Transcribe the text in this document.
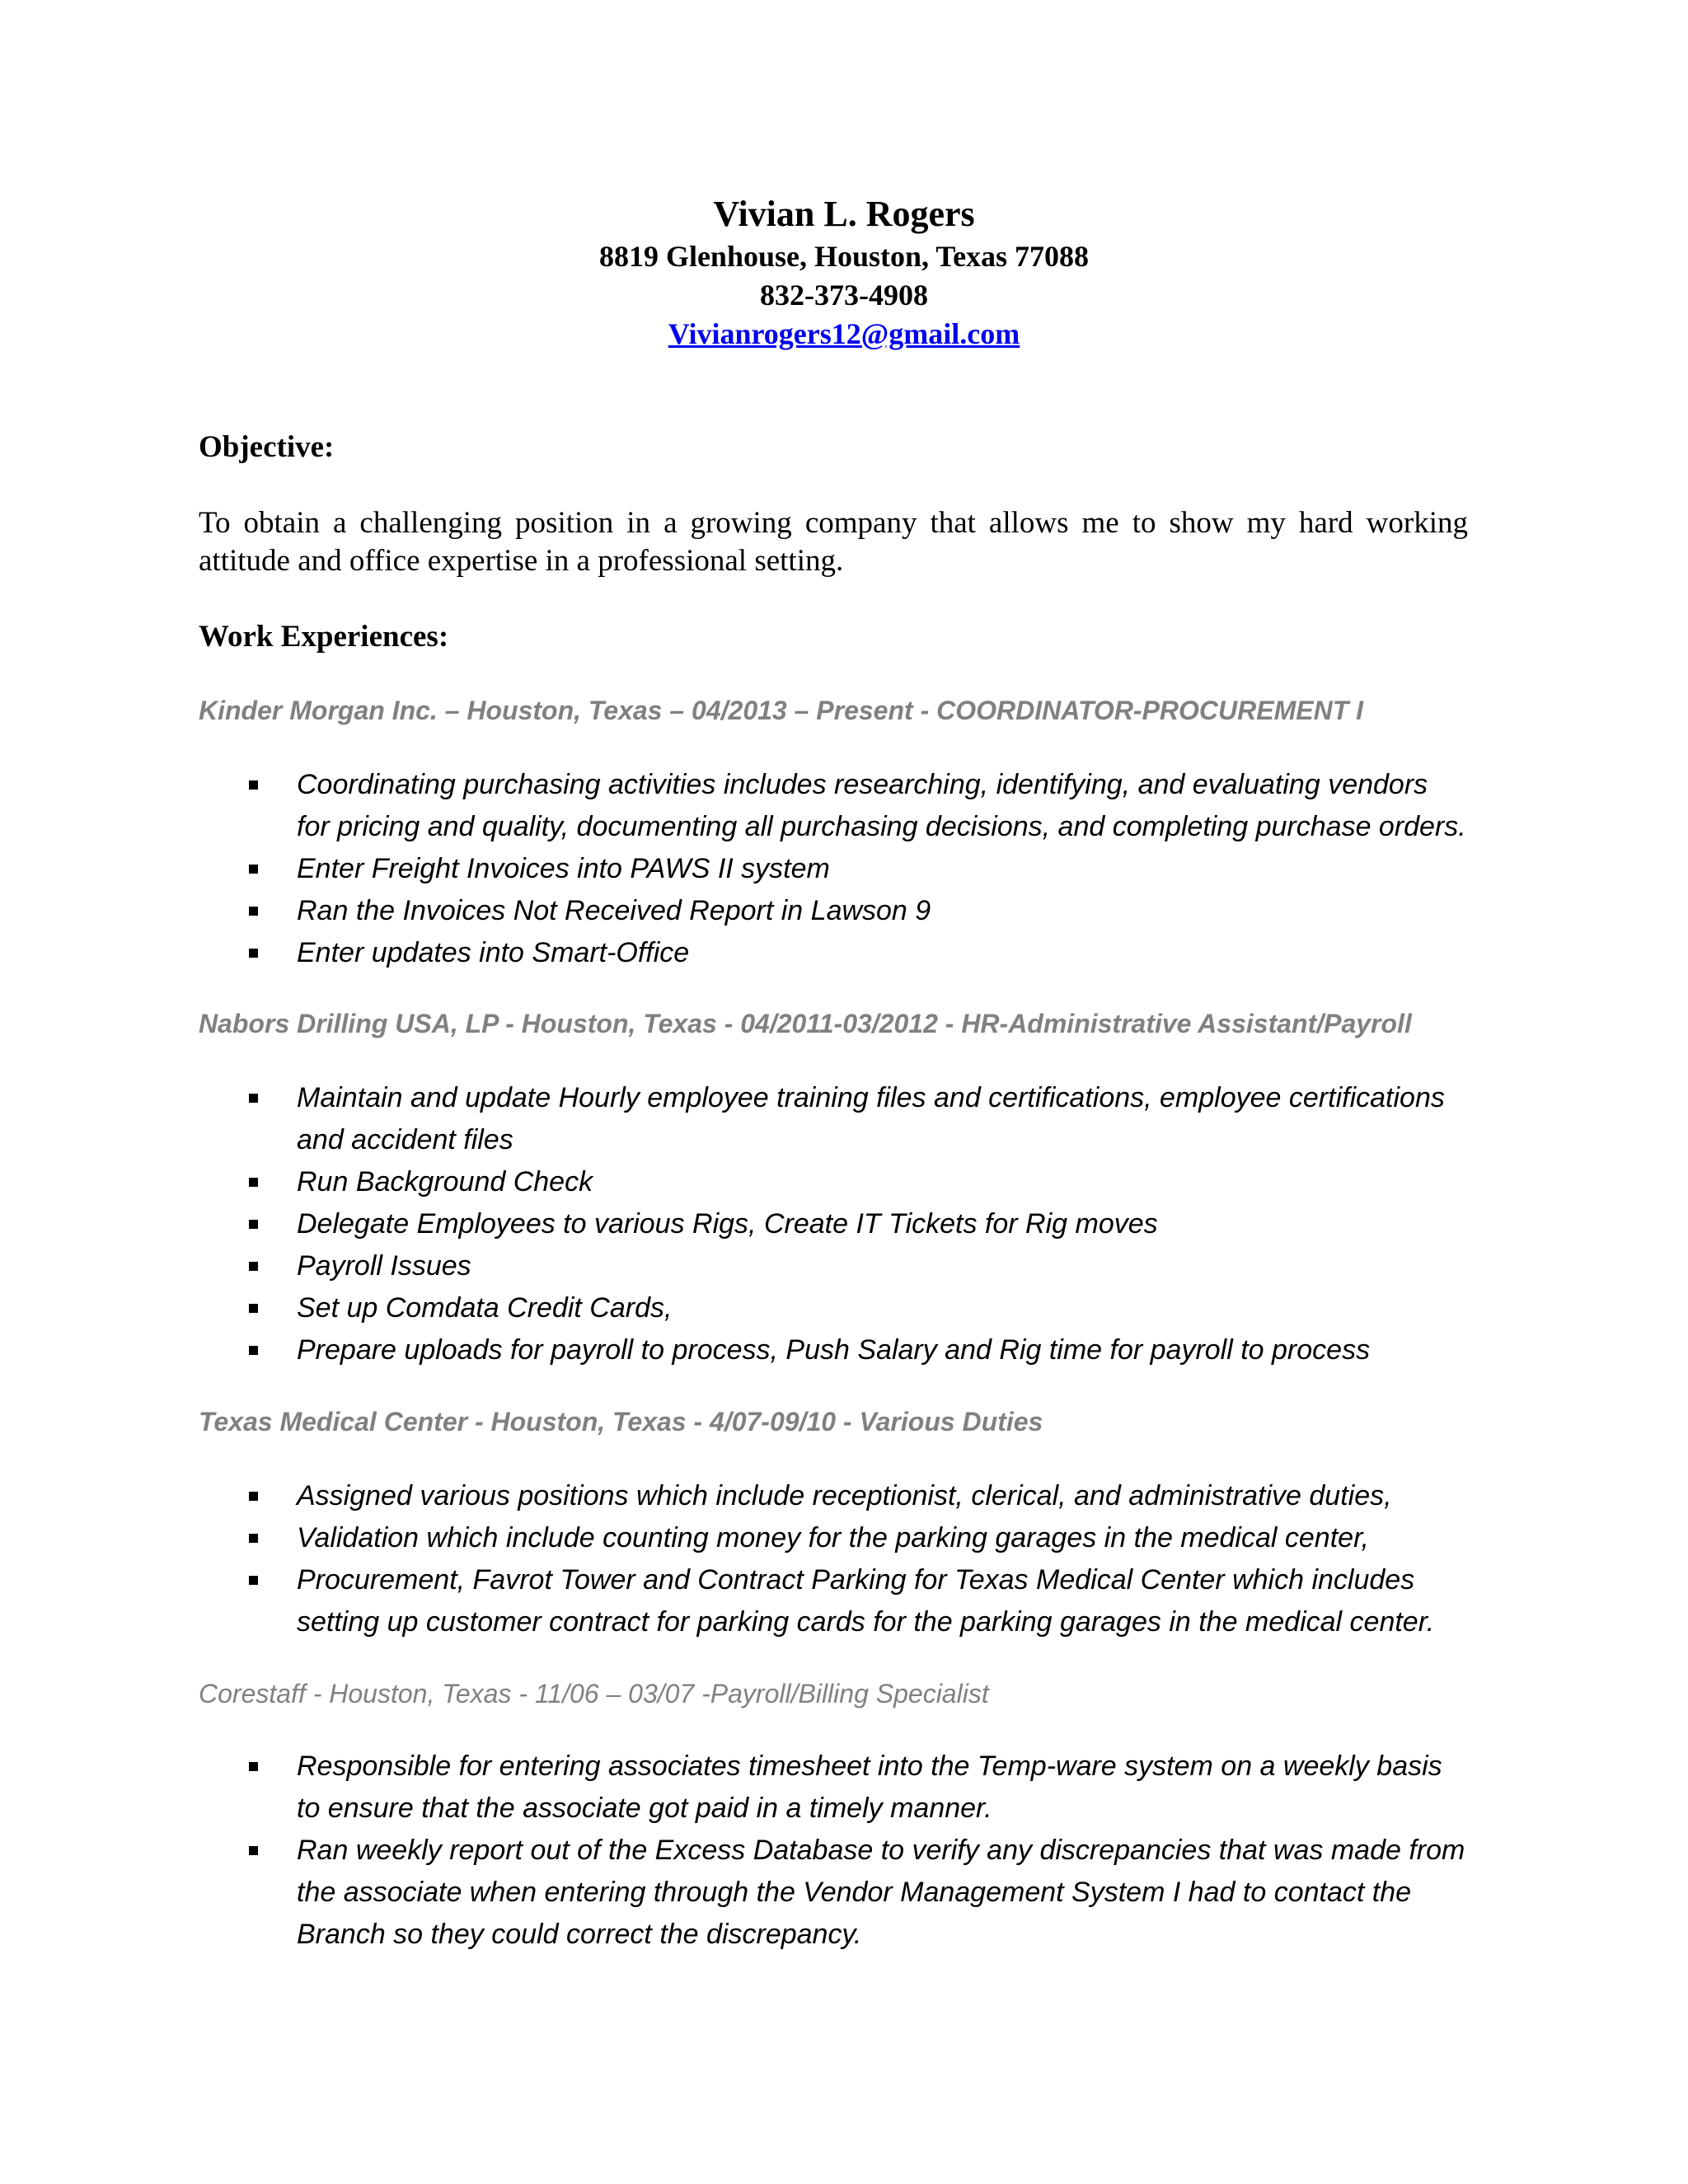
Vivian L. Rogers
8819 Glenhouse, Houston, Texas 77088
832-373-4908
Vivianrogers12@gmail.com
Objective:
To obtain a challenging position in a growing company that allows me to show my hard working attitude and office expertise in a professional setting.
Work Experiences:
Kinder Morgan Inc. – Houston, Texas – 04/2013 – Present - COORDINATOR-PROCUREMENT I
Coordinating purchasing activities includes researching, identifying, and evaluating vendors for pricing and quality, documenting all purchasing decisions, and completing purchase orders.
Enter Freight Invoices into PAWS II system
Ran the Invoices Not Received Report in Lawson 9
Enter updates into Smart-Office
Nabors Drilling USA, LP - Houston, Texas - 04/2011-03/2012 - HR-Administrative Assistant/Payroll
Maintain and update Hourly employee training files and certifications, employee certifications and accident files
Run Background Check
Delegate Employees to various Rigs, Create IT Tickets for Rig moves
Payroll Issues
Set up Comdata Credit Cards,
Prepare uploads for payroll to process, Push Salary and Rig time for payroll to process
Texas Medical Center - Houston, Texas - 4/07-09/10 - Various Duties
Assigned various positions which include receptionist, clerical, and administrative duties,
Validation which include counting money for the parking garages in the medical center,
Procurement, Favrot Tower and Contract Parking for Texas Medical Center which includes setting up customer contract for parking cards for the parking garages in the medical center.
Corestaff - Houston, Texas - 11/06 – 03/07 -Payroll/Billing Specialist
Responsible for entering associates timesheet into the Temp-ware system on a weekly basis to ensure that the associate got paid in a timely manner.
Ran weekly report out of the Excess Database to verify any discrepancies that was made from the associate when entering through the Vendor Management System I had to contact the Branch so they could correct the discrepancy.
